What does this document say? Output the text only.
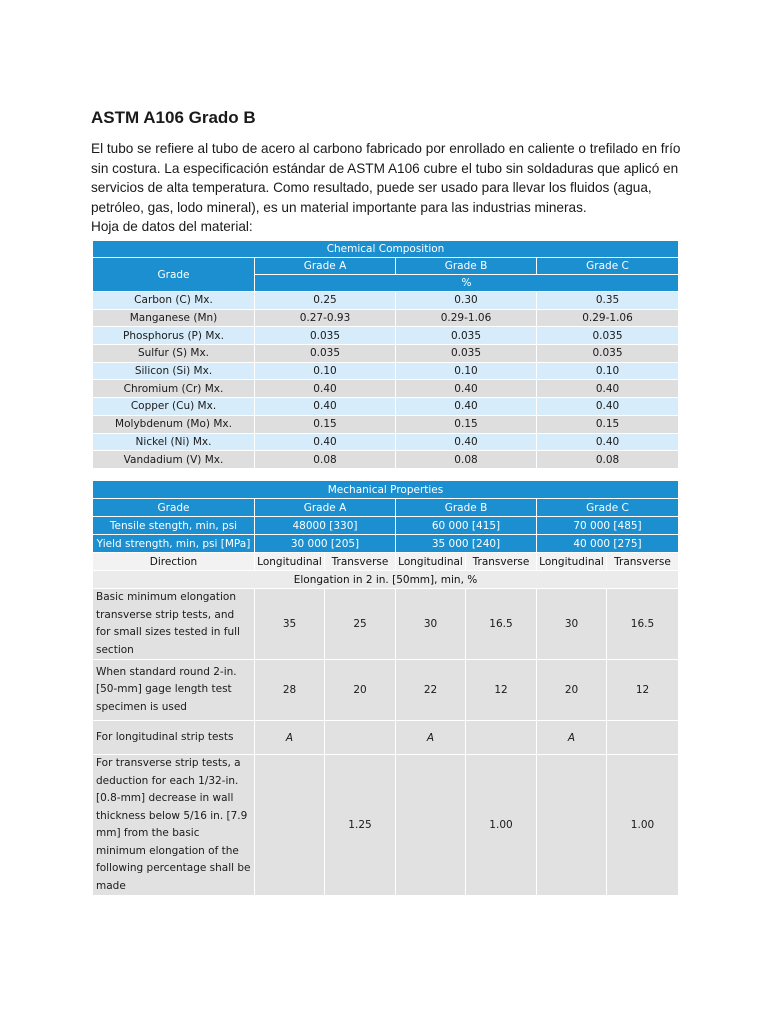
ASTM A106 Grado B

El tubo se refiere al tubo de acero al carbono fabricado por enrollado en caliente o trefilado en frío sin costura. La especificación estándar de ASTM A106 cubre el tubo sin soldaduras que aplicó en servicios de alta temperatura. Como resultado, puede ser usado para llevar los fluidos (agua, petróleo, gas, lodo mineral), es un material importante para las industrias mineras.

Hoja de datos del material:

Chemical Composition			
Grade	Grade A	Grade B	Grade C
	%		
Carbon (C) Mx.	0.25	0.30	0.35
Manganese (Mn)	0.27-0.93	0.29-1.06	0.29-1.06
Phosphorus (P) Mx.	0.035	0.035	0.035
Sulfur (S) Mx.	0.035	0.035	0.035
Silicon (Si) Mx.	0.10	0.10	0.10
Chromium (Cr) Mx.	0.40	0.40	0.40
Copper (Cu) Mx.	0.40	0.40	0.40
Molybdenum (Mo) Mx.	0.15	0.15	0.15
Nickel (Ni) Mx.	0.40	0.40	0.40
Vandadium (V) Mx.	0.08	0.08	0.08
Mechanical Properties						
Grade	Grade A		Grade B		Grade C	
Tensile stength, min, psi	48000 [330]		60 000 [415]		70 000 [485]	
Yield strength, min, psi [MPa]	30 000 [205]		35 000 [240]		40 000 [275]	
Direction	Longitudinal	Transverse	Longitudinal	Transverse	Longitudinal	Transverse
Elongation in 2 in. [50mm], min, %						
Basic minimum elongation transverse strip tests, and for small sizes tested in full section	35	25	30	16.5	30	16.5
When standard round 2-in. [50-mm] gage length test specimen is used	28	20	22	12	20	12
For longitudinal strip tests	A		A		A	
For transverse strip tests, a deduction for each 1/32-in. [0.8-mm] decrease in wall thickness below 5/16 in. [7.9 mm] from the basic minimum elongation of the following percentage shall be made		1.25		1.00		1.00
